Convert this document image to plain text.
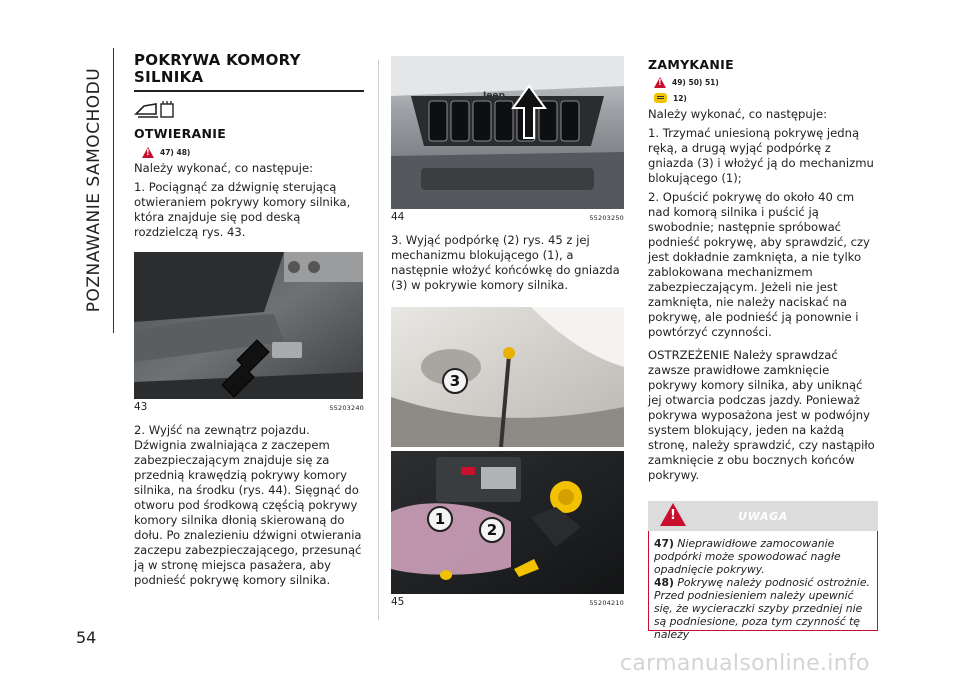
POZNAWANIE SAMOCHODU
54
POKRYWA KOMORY
SILNIKA
OTWIERANIE
!
47) 48)
Należy wykonać, co następuje:
1. Pociągnąć za dźwignię sterującą otwieraniem pokrywy komory silnika, która znajduje się pod deską rozdzielczą rys. 43.
43	55203240
2. Wyjść na zewnątrz pojazdu. Dźwignia zwalniająca z zaczepem zabezpieczającym znajduje się za przednią krawędzią pokrywy komory silnika, na środku (rys. 44). Sięgnąć do otworu pod środkową częścią pokrywy komory silnika dłonią skierowaną do dołu. Po znalezieniu dźwigni otwierania zaczepu zabezpieczającego, przesunąć ją w stronę miejsca pasażera, aby podnieść pokrywę komory silnika.
Jeep
44	55203250
3. Wyjąć podpórkę (2) rys. 45 z jej mechanizmu blokującego (1), a następnie włożyć końcówkę do gniazda (3) w pokrywie komory silnika.
3
1
2
45	55204210
ZAMYKANIE
!
49) 50) 51)
12)
Należy wykonać, co następuje:
1. Trzymać uniesioną pokrywę jedną ręką, a drugą wyjąć podpórkę z gniazda (3) i włożyć ją do mechanizmu blokującego (1);
2. Opuścić pokrywę do około 40 cm nad komorą silnika i puścić ją swobodnie; następnie spróbować podnieść pokrywę, aby sprawdzić, czy jest dokładnie zamknięta, a nie tylko zablokowana mechanizmem zabezpieczającym. Jeżeli nie jest zamknięta, nie należy naciskać na pokrywę, ale podnieść ją ponownie i powtórzyć czynności.
OSTRZEŻENIE Należy sprawdzać zawsze prawidłowe zamknięcie pokrywy komory silnika, aby uniknąć jej otwarcia podczas jazdy. Ponieważ pokrywa wyposażona jest w podwójny system blokujący, jeden na każdą stronę, należy sprawdzić, czy nastąpiło zamknięcie z obu bocznych końców pokrywy.
!
UWAGA
47) Nieprawidłowe zamocowanie podpórki może spowodować nagłe opadnięcie pokrywy.
48) Pokrywę należy podnosić ostrożnie. Przed podniesieniem należy upewnić się, że wycieraczki szyby przedniej nie są podniesione, poza tym czynność tę należy
carmanualsonline.info
